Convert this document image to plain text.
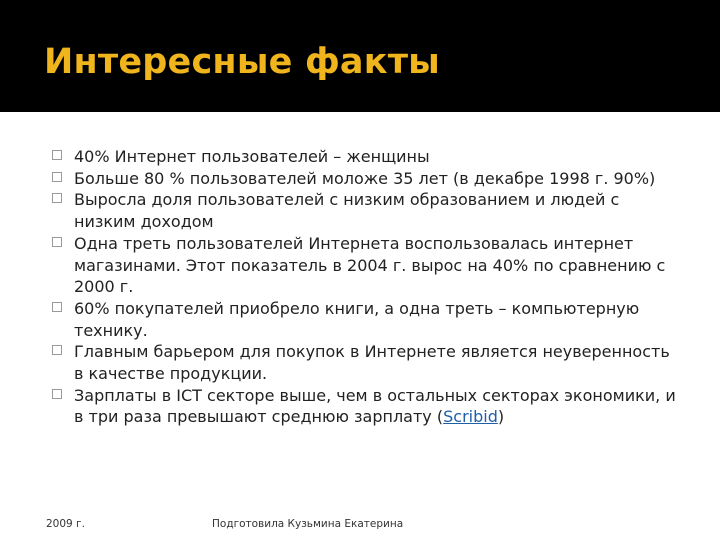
Интересные факты
40% Интернет пользователей – женщины
Больше 80 % пользователей моложе 35 лет (в декабре 1998 г. 90%)
Выросла доля пользователей с низким образованием и людей с низким доходом
Одна треть пользователей Интернета воспользовалась интернет магазинами. Этот показатель в 2004 г. вырос на 40% по сравнению с 2000 г.
60% покупателей приобрело книги, а одна треть – компьютерную технику.
Главным барьером для покупок в Интернете является неуверенность в качестве продукции.
Зарплаты в ICT секторе выше, чем в остальных секторах экономики, и в три раза превышают среднюю зарплату (Scribid)
2009 г.	Подготовила Кузьмина Екатерина
